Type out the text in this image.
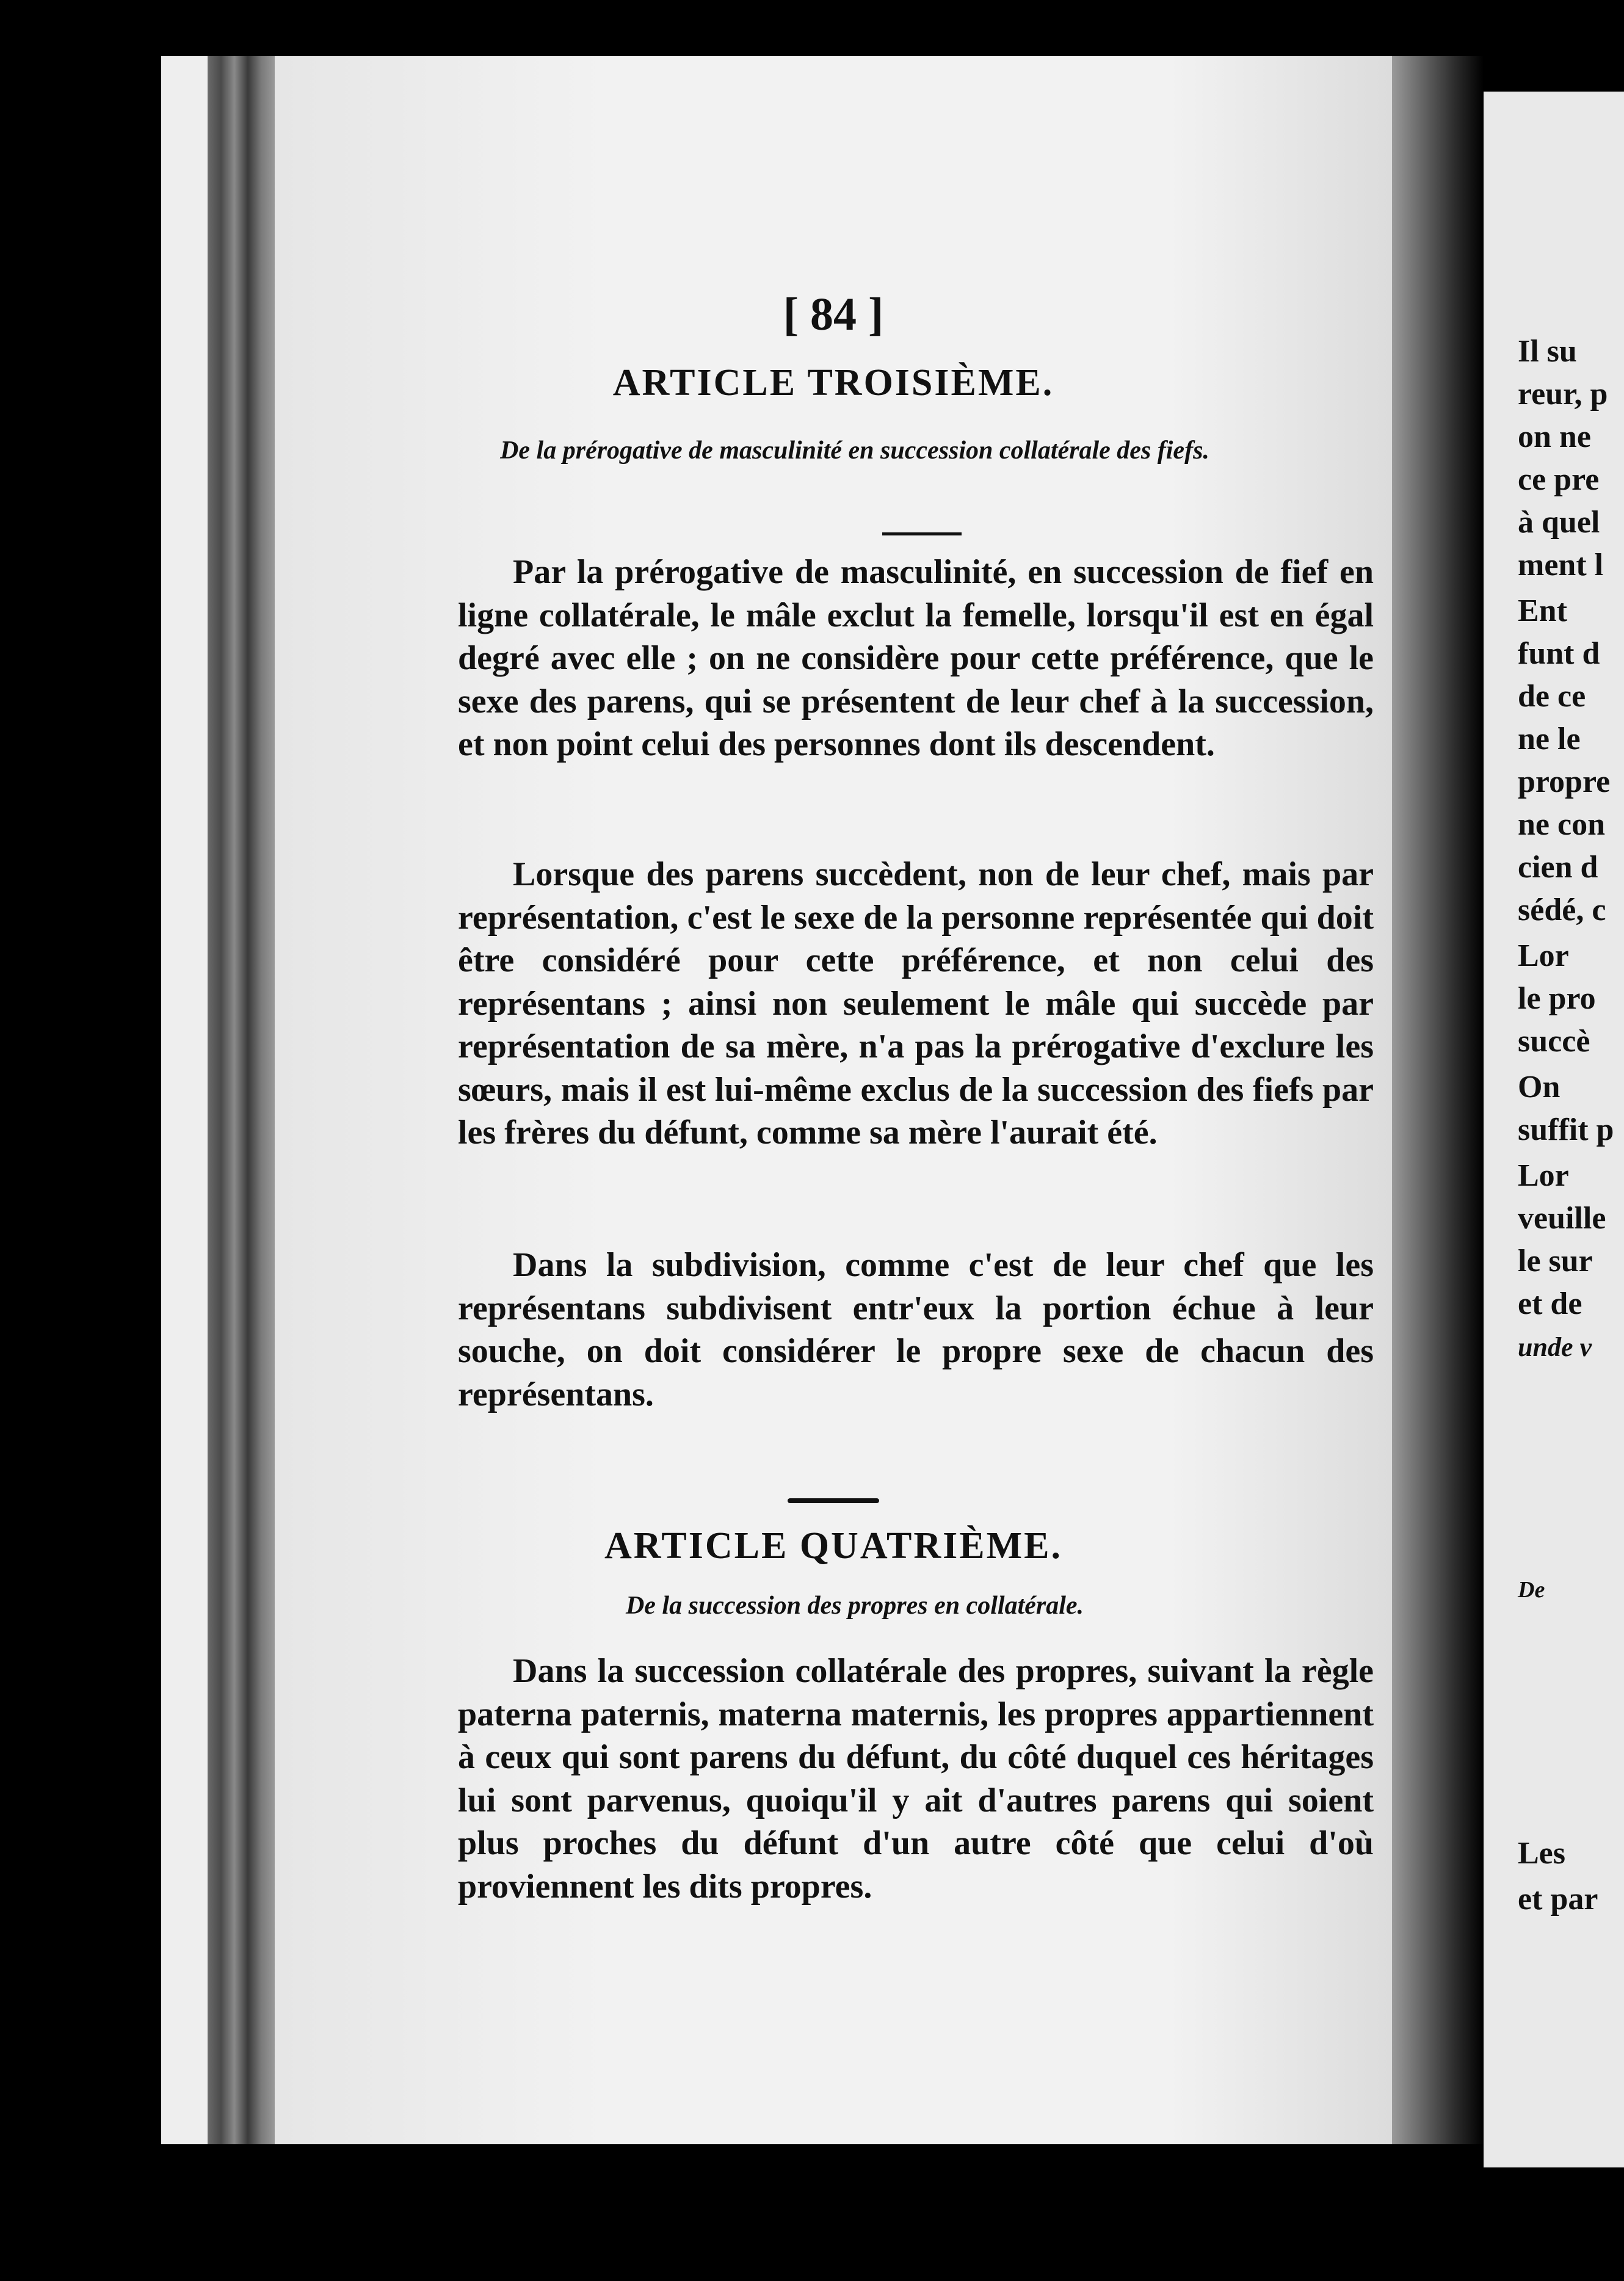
[ 84 ]
ARTICLE TROISIÈME.
De la prérogative de masculinité en succession collatérale des fiefs.
Par la prérogative de masculinité, en succession de fief en ligne collatérale, le mâle exclut la femelle, lorsqu'il est en égal degré avec elle ; on ne considère pour cette préférence, que le sexe des parens, qui se présentent de leur chef à la succession, et non point celui des personnes dont ils descendent.
Lorsque des parens succèdent, non de leur chef, mais par représentation, c'est le sexe de la personne représentée qui doit être considéré pour cette préférence, et non celui des représentans ; ainsi non seulement le mâle qui succède par représentation de sa mère, n'a pas la prérogative d'exclure les sœurs, mais il est lui-même exclus de la succession des fiefs par les frères du défunt, comme sa mère l'aurait été.
Dans la subdivision, comme c'est de leur chef que les représentans subdivisent entr'eux la portion échue à leur souche, on doit considérer le propre sexe de chacun des représentans.
ARTICLE QUATRIÈME.
De la succession des propres en collatérale.
Dans la succession collatérale des propres, suivant la règle paterna paternis, materna maternis, les propres appartiennent à ceux qui sont parens du défunt, du côté duquel ces héritages lui sont parvenus, quoiqu'il y ait d'autres parens qui soient plus proches du défunt d'un autre côté que celui d'où proviennent les dits propres.
Il su
reur, p
on ne
ce pre
à quel
ment l
Ent
funt d
de ce
ne le
propre
ne con
cien d
sédé, c
Lor
le pro
succè
On
suffit p
Lor
veuille
le sur
et de
unde v
De
Les
et par
